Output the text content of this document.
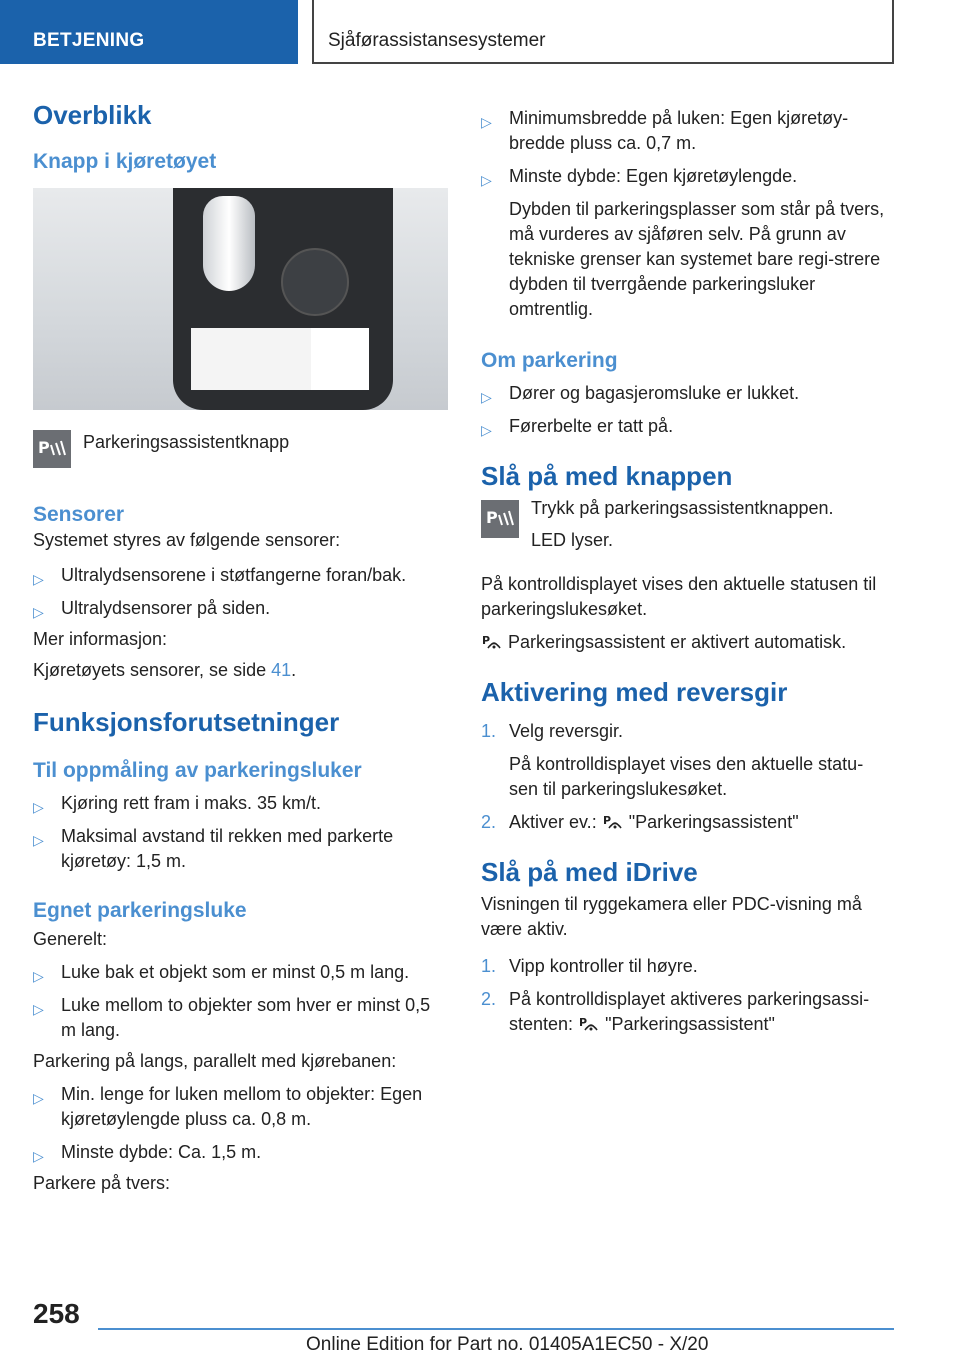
BETJENING	Sjåførassistansesystemer
Overblikk
Knapp i kjøretøyet
P Parkeringsassistentknapp
Sensorer

Systemet styres av følgende sensorer:

▷ Ultralydsensorene i støtfangerne foran/bak.
▷ Ultralydsensorer på siden.

Mer informasjon:

Kjøretøyets sensorer, se side 41.

Funksjonsforutsetninger
Til oppmåling av parkeringsluker
▷ Kjøring rett fram i maks. 35 km/t.
▷ Maksimal avstand til rekken med parkerte kjøretøy: 1,5 m.
Egnet parkeringsluke

Generelt:

▷ Luke bak et objekt som er minst 0,5 m lang.
▷ Luke mellom to objekter som hver er minst 0,5 m lang.

Parkering på langs, parallelt med kjørebanen:

▷ Min. lenge for luken mellom to objekter: Egen kjøretøylengde pluss ca. 0,8 m.
▷ Minste dybde: Ca. 1,5 m.

Parkere på tvers:

▷ Minimumsbredde på luken: Egen kjøretøy-bredde pluss ca. 0,7 m.
▷ Minste dybde: Egen kjøretøylengde.

Dybden til parkeringsplasser som står på tvers, må vurderes av sjåføren selv. På grunn av tekniske grenser kan systemet bare regi-strere dybden til tverrgående parkeringsluker omtrentlig.

Om parkering
▷ Dører og bagasjeromsluke er lukket.
▷ Førerbelte er tatt på.
Slå på med knappen
P Trykk på parkeringsassistentknappen.

LED lyser.

På kontrolldisplayet vises den aktuelle statusen til parkeringslukesøket.

P Parkeringsassistent er aktivert automatisk.

Aktivering med reversgir
1. Velg reversgir.

På kontrolldisplayet vises den aktuelle statu-sen til parkeringslukesøket.

2. Aktiver ev.: P "Parkeringsassistent"
Slå på med iDrive

Visningen til ryggekamera eller PDC-visning må være aktiv.

1. Vipp kontroller til høyre.
2. På kontrolldisplayet aktiveres parkeringsassi-stenten: P "Parkeringsassistent"
258
Online Edition for Part no. 01405A1EC50 - X/20
